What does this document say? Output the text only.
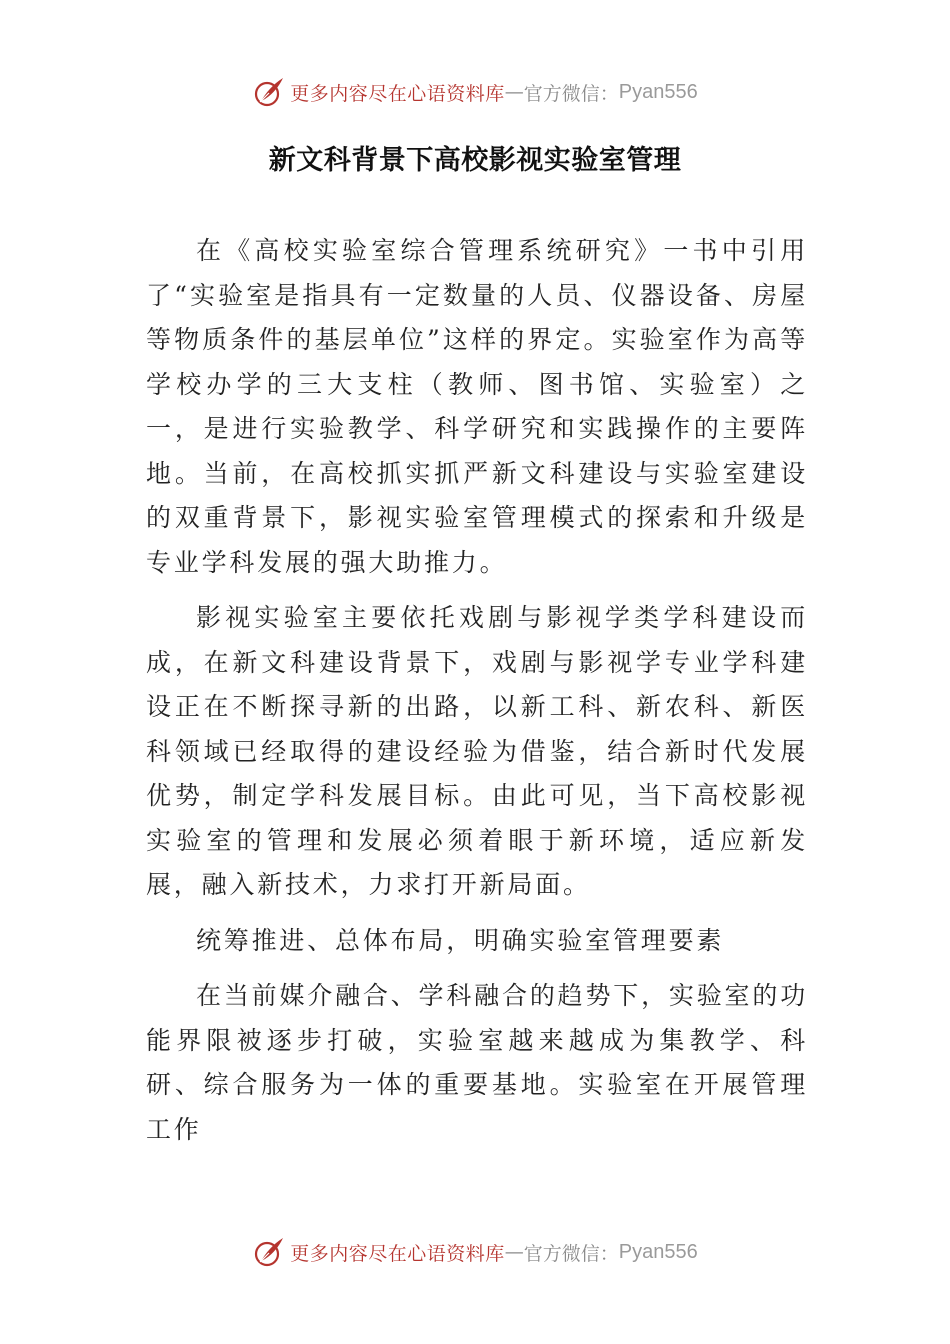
更多内容尽在心语资料库 — 官方微信： Pyan556
新文科背景下高校影视实验室管理

在《高校实验室综合管理系统研究》一书中引用了“实验室是指具有一定数量的人员、仪器设备、房屋等物质条件的基层单位”这样的界定。实验室作为高等学校办学的三大支柱（教师、图书馆、实验室）之一，是进行实验教学、科学研究和实践操作的主要阵地。当前，在高校抓实抓严新文科建设与实验室建设的双重背景下，影视实验室管理模式的探索和升级是专业学科发展的强大助推力。

影视实验室主要依托戏剧与影视学类学科建设而成，在新文科建设背景下，戏剧与影视学专业学科建设正在不断探寻新的出路，以新工科、新农科、新医科领域已经取得的建设经验为借鉴，结合新时代发展优势，制定学科发展目标。由此可见，当下高校影视实验室的管理和发展必须着眼于新环境，适应新发展，融入新技术，力求打开新局面。

统筹推进、总体布局，明确实验室管理要素

在当前媒介融合、学科融合的趋势下，实验室的功能界限被逐步打破，实验室越来越成为集教学、科研、综合服务为一体的重要基地。实验室在开展管理工作

更多内容尽在心语资料库 — 官方微信： Pyan556
